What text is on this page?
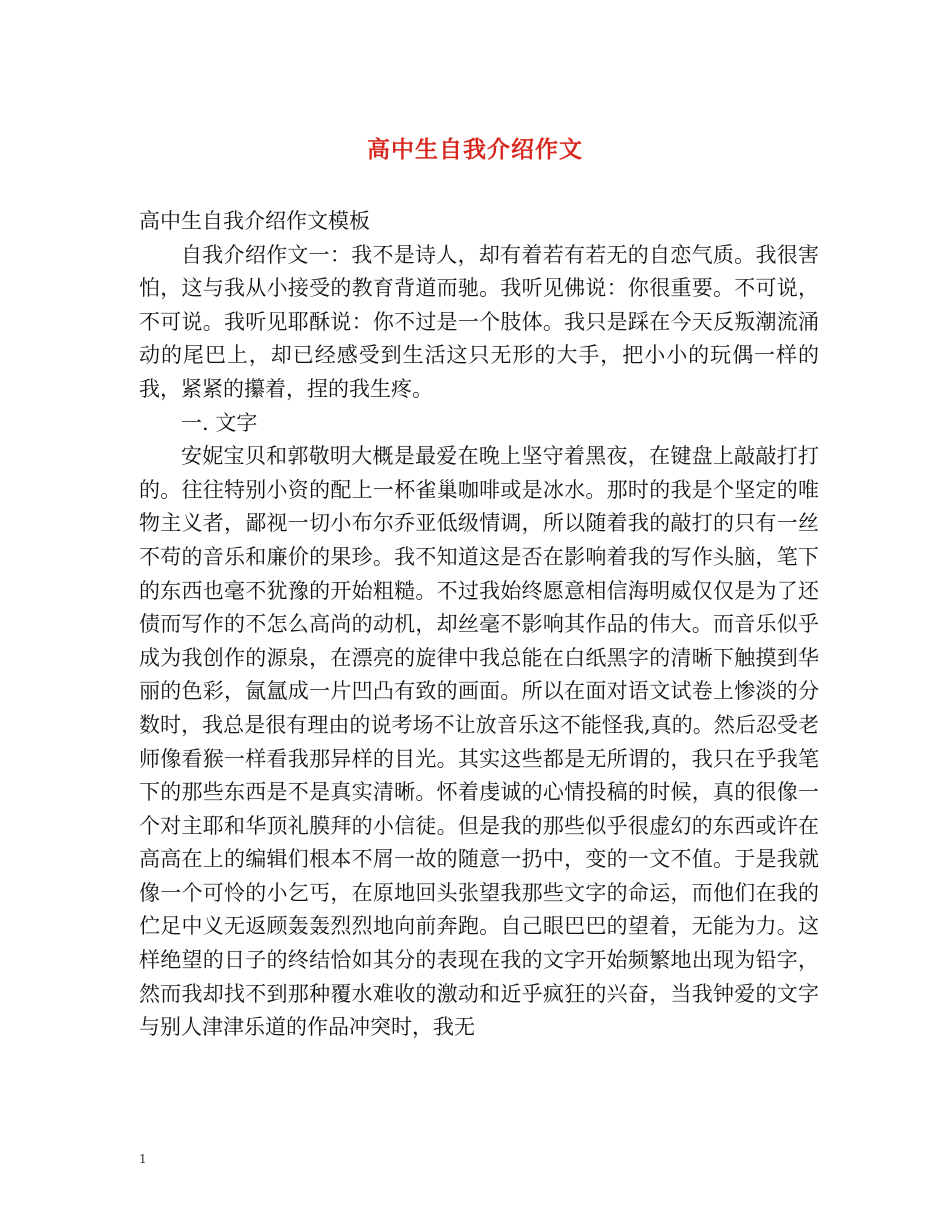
高中生自我介绍作文

高中生自我介绍作文模板

自我介绍作文一：我不是诗人，却有着若有若无的自恋气质。我很害怕，这与我从小接受的教育背道而驰。我听见佛说：你很重要。不可说，不可说。我听见耶酥说：你不过是一个肢体。我只是踩在今天反叛潮流涌动的尾巴上，却已经感受到生活这只无形的大手，把小小的玩偶一样的我，紧紧的攥着，捏的我生疼。

一. 文字

安妮宝贝和郭敬明大概是最爱在晚上坚守着黑夜，在键盘上敲敲打打的。往往特别小资的配上一杯雀巢咖啡或是冰水。那时的我是个坚定的唯物主义者，鄙视一切小布尔乔亚低级情调，所以随着我的敲打的只有一丝不苟的音乐和廉价的果珍。我不知道这是否在影响着我的写作头脑，笔下的东西也毫不犹豫的开始粗糙。不过我始终愿意相信海明威仅仅是为了还债而写作的不怎么高尚的动机，却丝毫不影响其作品的伟大。而音乐似乎成为我创作的源泉，在漂亮的旋律中我总能在白纸黑字的清晰下触摸到华丽的色彩，氤氲成一片凹凸有致的画面。所以在面对语文试卷上惨淡的分数时，我总是很有理由的说考场不让放音乐这不能怪我,真的。然后忍受老师像看猴一样看我那异样的目光。其实这些都是无所谓的，我只在乎我笔下的那些东西是不是真实清晰。怀着虔诚的心情投稿的时候，真的很像一个对主耶和华顶礼膜拜的小信徒。但是我的那些似乎很虚幻的东西或许在高高在上的编辑们根本不屑一故的随意一扔中，变的一文不值。于是我就像一个可怜的小乞丐，在原地回头张望我那些文字的命运，而他们在我的伫足中义无返顾轰轰烈烈地向前奔跑。自己眼巴巴的望着，无能为力。这样绝望的日子的终结恰如其分的表现在我的文字开始频繁地出现为铅字，然而我却找不到那种覆水难收的激动和近乎疯狂的兴奋，当我钟爱的文字与别人津津乐道的作品冲突时，我无

1
